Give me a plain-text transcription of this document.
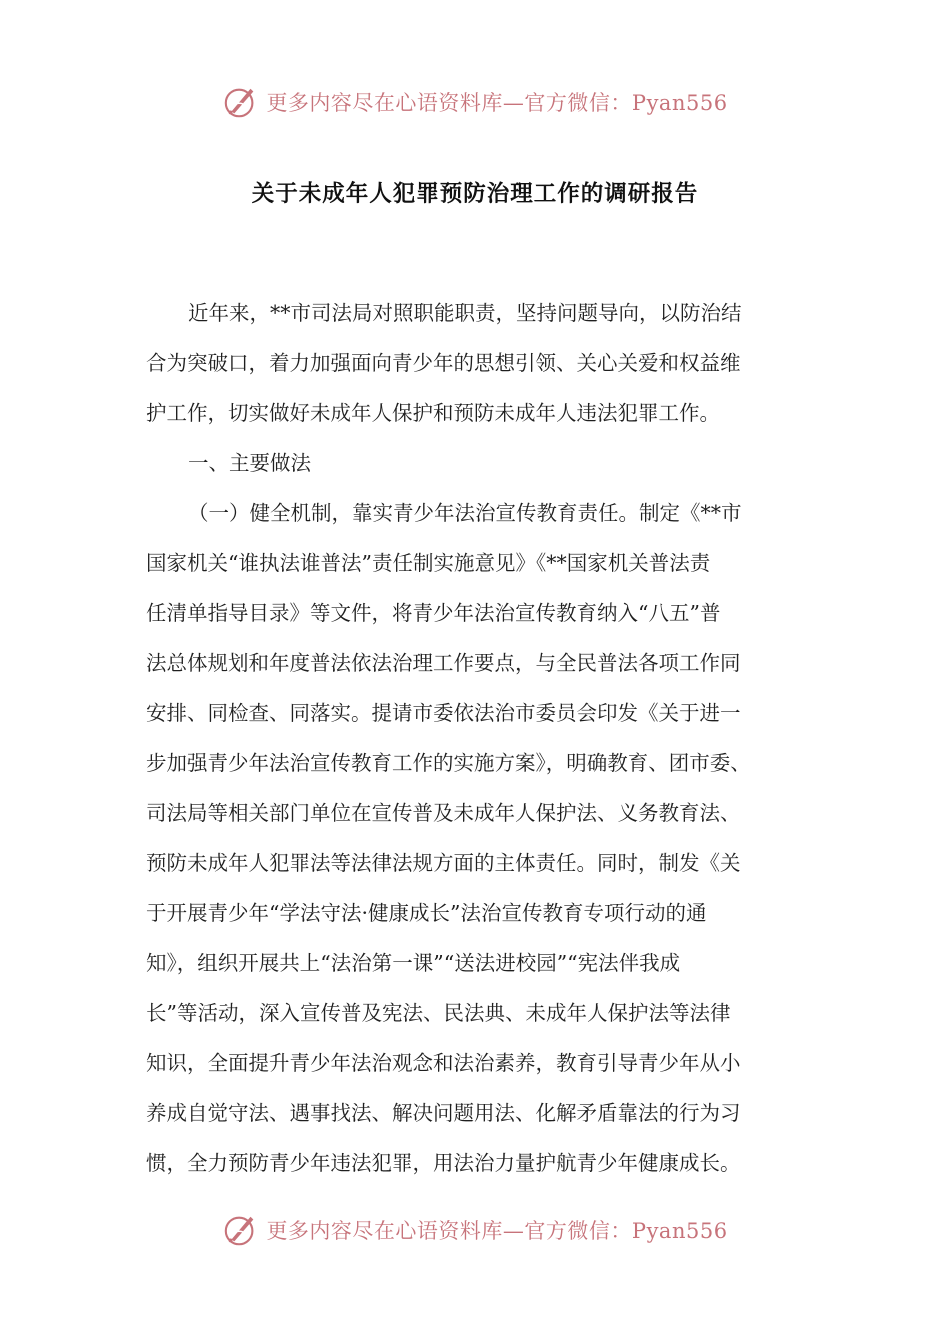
更多内容尽在心语资料库—官方微信：Pyan556
关于未成年人犯罪预防治理工作的调研报告
近年来，**市司法局对照职能职责，坚持问题导向，以防治结
合为突破口，着力加强面向青少年的思想引领、关心关爱和权益维
护工作，切实做好未成年人保护和预防未成年人违法犯罪工作。
一、主要做法
（一）健全机制，靠实青少年法治宣传教育责任。制定《**市
国家机关“谁执法谁普法”责任制实施意见》《**国家机关普法责
任清单指导目录》等文件，将青少年法治宣传教育纳入“八五”普
法总体规划和年度普法依法治理工作要点，与全民普法各项工作同
安排、同检查、同落实。提请市委依法治市委员会印发《关于进一
步加强青少年法治宣传教育工作的实施方案》，明确教育、团市委、
司法局等相关部门单位在宣传普及未成年人保护法、义务教育法、
预防未成年人犯罪法等法律法规方面的主体责任。同时，制发《关
于开展青少年“学法守法·健康成长”法治宣传教育专项行动的通
知》，组织开展共上“法治第一课”“送法进校园”“宪法伴我成
长”等活动，深入宣传普及宪法、民法典、未成年人保护法等法律
知识，全面提升青少年法治观念和法治素养，教育引导青少年从小
养成自觉守法、遇事找法、解决问题用法、化解矛盾靠法的行为习
惯，全力预防青少年违法犯罪，用法治力量护航青少年健康成长。
更多内容尽在心语资料库—官方微信：Pyan556
